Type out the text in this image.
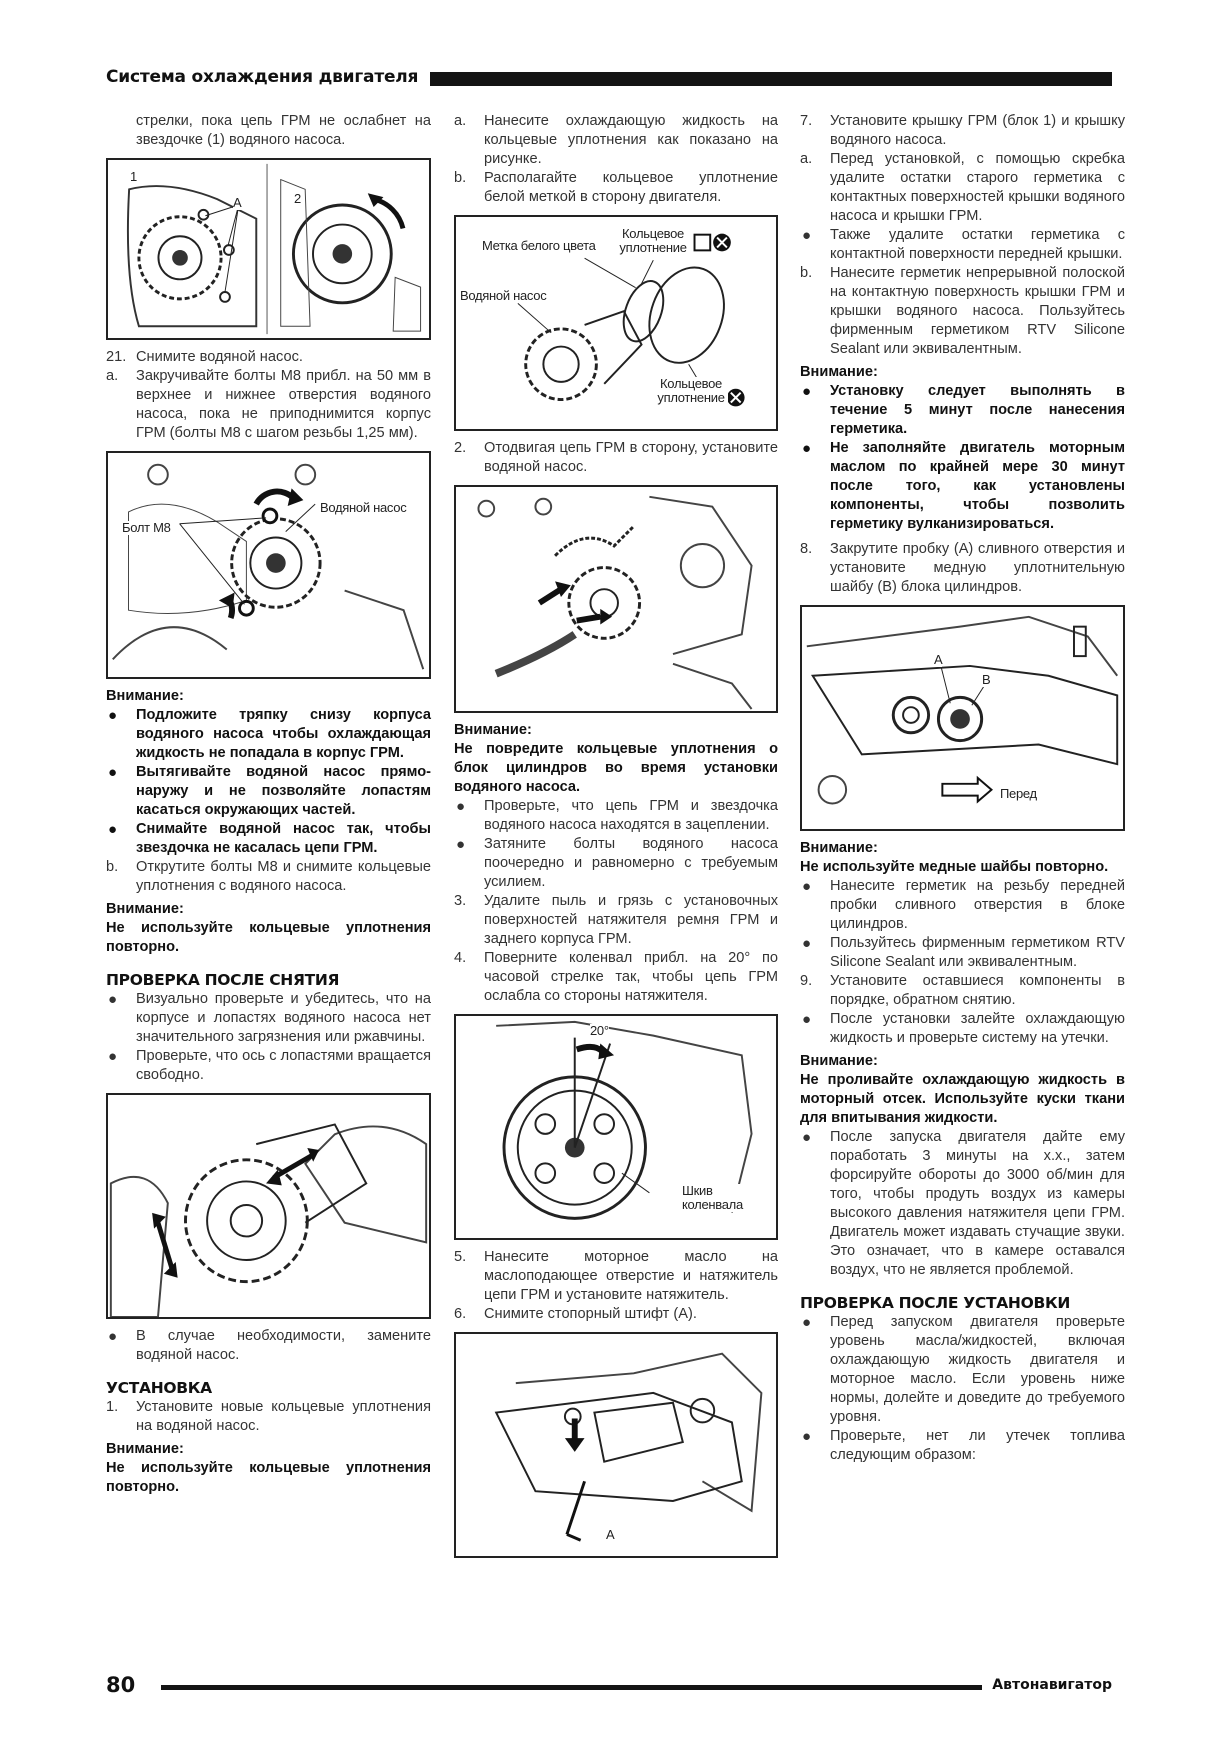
Система охлаждения двигателя
стрелки, пока цепь ГРМ не ослабнет на звездочке (1) водяного насоса.
1
A	2
21. Снимите водяной насос.
a. Закручивайте болты М8 прибл. на 50 мм в верхнее и нижнее отверстия водяного насоса, пока не приподнимится корпус ГРМ (болты М8 с шагом резьбы 1,25 мм).
Водяной насос
Болт М8
Внимание:
● Подложите тряпку снизу корпуса водяного насоса чтобы охлаждающая жидкость не попадала в корпус ГРМ.
● Вытягивайте водяной насос прямо-наружу и не позволяйте лопастям касаться окружающих частей.
● Снимайте водяной насос так, чтобы звездочка не касалась цепи ГРМ.
b. Открутите болты М8 и снимите кольцевые уплотнения с водяного насоса.
Внимание:
Не используйте кольцевые уплотнения повторно.
ПРОВЕРКА ПОСЛЕ СНЯТИЯ
● Визуально проверьте и убедитесь, что на корпусе и лопастях водяного насоса нет значительного загрязнения или ржавчины.
● Проверьте, что ось с лопастями вращается свободно.
● В случае необходимости, замените водяной насос.
УСТАНОВКА
1. Установите новые кольцевые уплотнения на водяной насос.
Внимание:
Не используйте кольцевые уплотнения повторно.
a. Нанесите охлаждающую жидкость на кольцевые уплотнения как показано на рисунке.
b. Располагайте кольцевое уплотнение белой меткой в сторону двигателя.
Метка белого цвета
Кольцевое уплотнение
Водяной насос
Кольцевое уплотнение
2. Отодвигая цепь ГРМ в сторону, установите водяной насос.
Внимание:
Не повредите кольцевые уплотнения о блок цилиндров во время установки водяного насоса.
● Проверьте, что цепь ГРМ и звездочка водяного насоса находятся в зацеплении.
● Затяните болты водяного насоса поочередно и равномерно с требуемым усилием.
3. Удалите пыль и грязь с установочных поверхностей натяжителя ремня ГРМ и заднего корпуса ГРМ.
4. Поверните коленвал прибл. на 20° по часовой стрелке так, чтобы цепь ГРМ ослабла со стороны натяжителя.
20°
Шкив коленвала
5. Нанесите моторное масло на маслоподающее отверстие и натяжитель цепи ГРМ и установите натяжитель.
6. Снимите стопорный штифт (А).
A
7. Установите крышку ГРМ (блок 1) и крышку водяного насоса.
a. Перед установкой, с помощью скребка удалите остатки старого герметика с контактных поверхностей крышки водяного насоса и крышки ГРМ.
● Также удалите остатки герметика с контактной поверхности передней крышки.
b. Нанесите герметик непрерывной полоской на контактную поверхность крышки ГРМ и крышки водяного насоса. Пользуйтесь фирменным герметиком RTV Silicone Sealant или эквивалентным.
Внимание:
● Установку следует выполнять в течение 5 минут после нанесения герметика.
● Не заполняйте двигатель моторным маслом по крайней мере 30 минут после того, как установлены компоненты, чтобы позволить герметику вулканизироваться.
8. Закрутите пробку (А) сливного отверстия и установите медную уплотнительную шайбу (В) блока цилиндров.
A
B
Перед
Внимание:
Не используйте медные шайбы повторно.
● Нанесите герметик на резьбу передней пробки сливного отверстия в блоке цилиндров.
● Пользуйтесь фирменным герметиком RTV Silicone Sealant или эквивалентным.
9. Установите оставшиеся компоненты в порядке, обратном снятию.
● После установки залейте охлаждающую жидкость и проверьте систему на утечки.
Внимание:
Не проливайте охлаждающую жидкость в моторный отсек. Используйте куски ткани для впитывания жидкости.
● После запуска двигателя дайте ему поработать 3 минуты на х.х., затем форсируйте обороты до 3000 об/мин для того, чтобы продуть воздух из камеры высокого давления натяжителя цепи ГРМ. Двигатель может издавать стучащие звуки. Это означает, что в камере оставался воздух, что не является проблемой.
ПРОВЕРКА ПОСЛЕ УСТАНОВКИ
● Перед запуском двигателя проверьте уровень масла/жидкостей, включая охлаждающую жидкость двигателя и моторное масло. Если уровень ниже нормы, долейте и доведите до требуемого уровня.
● Проверьте, нет ли утечек топлива следующим образом:
80	Автонавигатор
